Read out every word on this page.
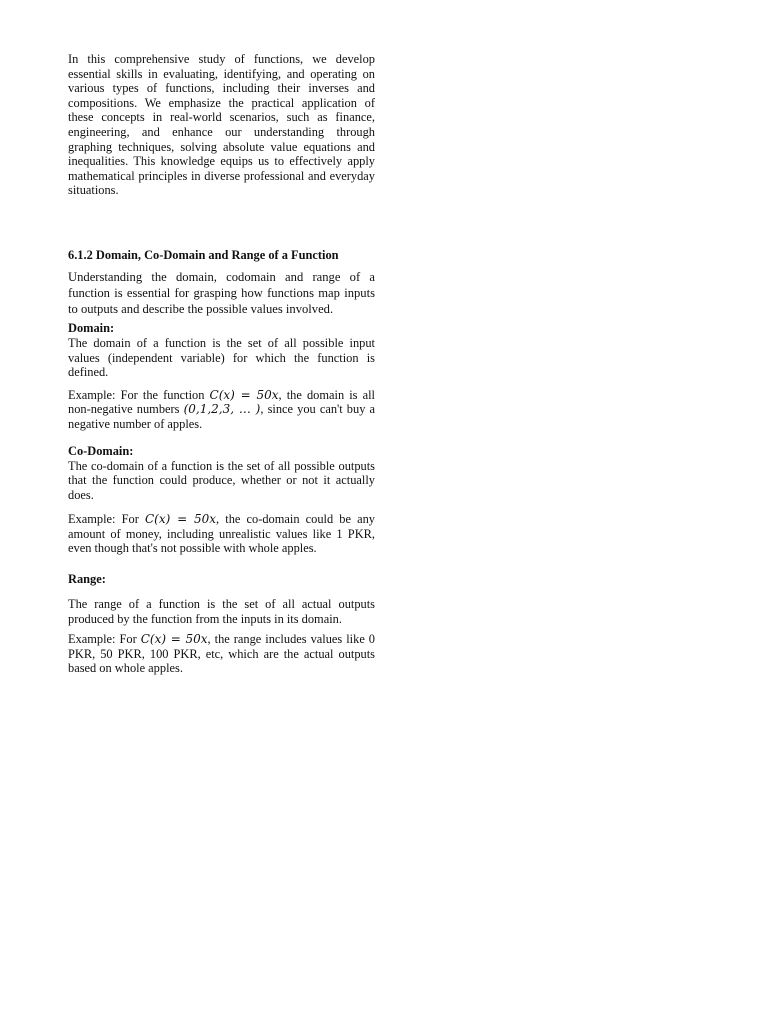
In this comprehensive study of functions, we develop essential skills in evaluating, identifying, and operating on various types of functions, including their inverses and compositions. We emphasize the practical application of these concepts in real-world scenarios, such as finance, engineering, and enhance our understanding through graphing techniques, solving absolute value equations and inequalities. This knowledge equips us to effectively apply mathematical principles in diverse professional and everyday situations.

6.1.2 Domain, Co-Domain and Range of a Function

Understanding the domain, codomain and range of a function is essential for grasping how functions map inputs to outputs and describe the possible values involved.

Domain:

The domain of a function is the set of all possible input values (independent variable) for which the function is defined.

Example: For the function C(x) = 50x, the domain is all non-negative numbers (0,1,2,3, … ), since you can't buy a negative number of apples.

Co-Domain:

The co-domain of a function is the set of all possible outputs that the function could produce, whether or not it actually does.

Example: For C(x) = 50x, the co-domain could be any amount of money, including unrealistic values like 1 PKR, even though that's not possible with whole apples.

Range:

The range of a function is the set of all actual outputs produced by the function from the inputs in its domain.

Example: For C(x) = 50x, the range includes values like 0 PKR, 50 PKR, 100 PKR, etc, which are the actual outputs based on whole apples.
